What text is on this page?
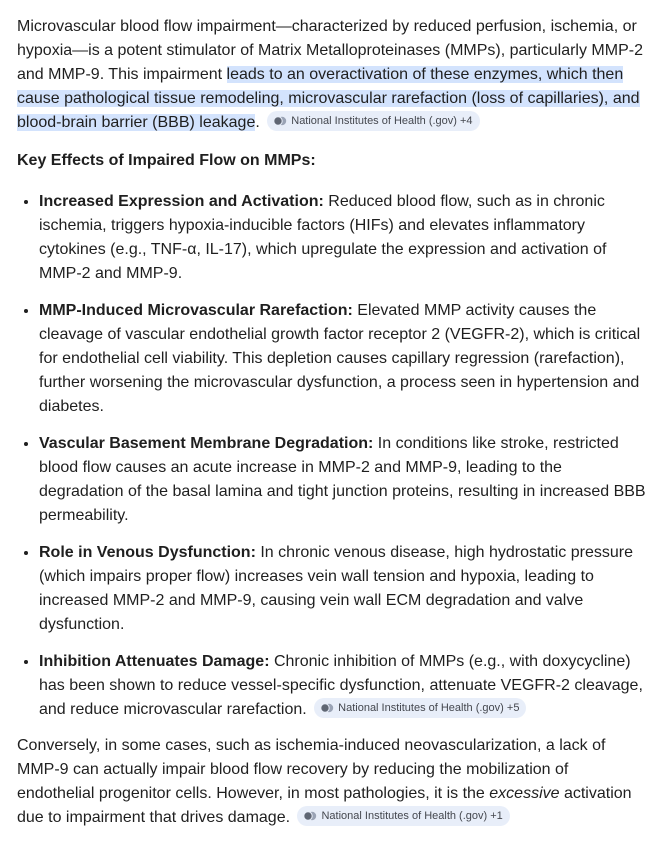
Microvascular blood flow impairment—characterized by reduced perfusion, ischemia, or hypoxia—is a potent stimulator of Matrix Metalloproteinases (MMPs), particularly MMP-2 and MMP-9. This impairment leads to an overactivation of these enzymes, which then cause pathological tissue remodeling, microvascular rarefaction (loss of capillaries), and blood-brain barrier (BBB) leakage.	National Institutes of Health (.gov) +4

Key Effects of Impaired Flow on MMPs:
• Increased Expression and Activation: Reduced blood flow, such as in chronic ischemia, triggers hypoxia-inducible factors (HIFs) and elevates inflammatory cytokines (e.g., TNF-α, IL-17), which upregulate the expression and activation of MMP-2 and MMP-9.
• MMP-Induced Microvascular Rarefaction: Elevated MMP activity causes the cleavage of vascular endothelial growth factor receptor 2 (VEGFR-2), which is critical for endothelial cell viability. This depletion causes capillary regression (rarefaction), further worsening the microvascular dysfunction, a process seen in hypertension and diabetes.
• Vascular Basement Membrane Degradation: In conditions like stroke, restricted blood flow causes an acute increase in MMP-2 and MMP-9, leading to the degradation of the basal lamina and tight junction proteins, resulting in increased BBB permeability.
• Role in Venous Dysfunction: In chronic venous disease, high hydrostatic pressure (which impairs proper flow) increases vein wall tension and hypoxia, leading to increased MMP-2 and MMP-9, causing vein wall ECM degradation and valve dysfunction.
• Inhibition Attenuates Damage: Chronic inhibition of MMPs (e.g., with doxycycline) has been shown to reduce vessel-specific dysfunction, attenuate VEGFR-2 cleavage, and reduce microvascular rarefaction.	National Institutes of Health (.gov) +5

Conversely, in some cases, such as ischemia-induced neovascularization, a lack of MMP-9 can actually impair blood flow recovery by reducing the mobilization of endothelial progenitor cells. However, in most pathologies, it is the excessive activation due to impairment that drives damage.	National Institutes of Health (.gov) +1
